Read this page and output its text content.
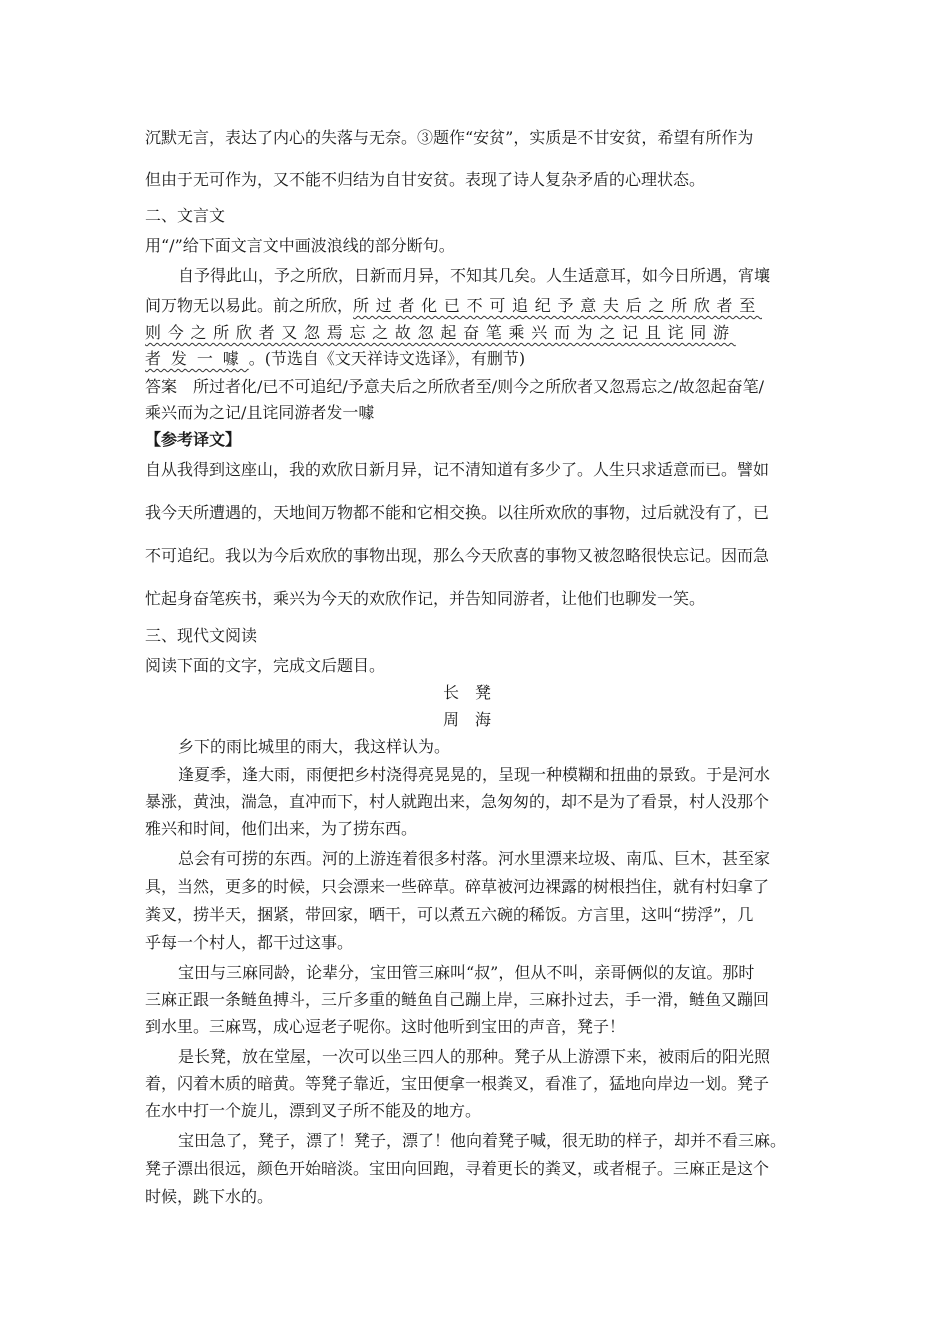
沉默无言，表达了内心的失落与无奈。③题作“安贫”，实质是不甘安贫，希望有所作为
但由于无可作为，又不能不归结为自甘安贫。表现了诗人复杂矛盾的心理状态。
二、文言文
用“/”给下面文言文中画波浪线的部分断句。
自予得此山，予之所欣，日新而月异，不知其几矣。人生适意耳，如今日所遇，宵壤
间万物无以易此。前之所欣，所过者化已不可追纪予意夫后之所欣者至
则今之所欣者又忽焉忘之故忽起奋笔乘兴而为之记且诧同游
者发一噱。(节选自《文天祥诗文选译》，有删节)
答案　所过者化/已不可追纪/予意夫后之所欣者至/则今之所欣者又忽焉忘之/故忽起奋笔/
乘兴而为之记/且诧同游者发一噱
【参考译文】
自从我得到这座山，我的欢欣日新月异，记不清知道有多少了。人生只求适意而已。譬如
我今天所遭遇的，天地间万物都不能和它相交换。以往所欢欣的事物，过后就没有了，已
不可追纪。我以为今后欢欣的事物出现，那么今天欣喜的事物又被忽略很快忘记。因而急
忙起身奋笔疾书，乘兴为今天的欢欣作记，并告知同游者，让他们也聊发一笑。
三、现代文阅读
阅读下面的文字，完成文后题目。
长凳
周海
乡下的雨比城里的雨大，我这样认为。
逢夏季，逢大雨，雨便把乡村浇得亮晃晃的，呈现一种模糊和扭曲的景致。于是河水
暴涨，黄浊，湍急，直冲而下，村人就跑出来，急匆匆的，却不是为了看景，村人没那个
雅兴和时间，他们出来，为了捞东西。
总会有可捞的东西。河的上游连着很多村落。河水里漂来垃圾、南瓜、巨木，甚至家
具，当然，更多的时候，只会漂来一些碎草。碎草被河边裸露的树根挡住，就有村妇拿了
粪叉，捞半天，捆紧，带回家，晒干，可以煮五六碗的稀饭。方言里，这叫“捞浮”，几
乎每一个村人，都干过这事。
宝田与三麻同龄，论辈分，宝田管三麻叫“叔”，但从不叫，亲哥俩似的友谊。那时
三麻正跟一条鲢鱼搏斗，三斤多重的鲢鱼自己蹦上岸，三麻扑过去，手一滑，鲢鱼又蹦回
到水里。三麻骂，成心逗老子呢你。这时他听到宝田的声音，凳子！
是长凳，放在堂屋，一次可以坐三四人的那种。凳子从上游漂下来，被雨后的阳光照
着，闪着木质的暗黄。等凳子靠近，宝田便拿一根粪叉，看准了，猛地向岸边一划。凳子
在水中打一个旋儿，漂到叉子所不能及的地方。
宝田急了，凳子，漂了！凳子，漂了！他向着凳子喊，很无助的样子，却并不看三麻。
凳子漂出很远，颜色开始暗淡。宝田向回跑，寻着更长的粪叉，或者棍子。三麻正是这个
时候，跳下水的。
